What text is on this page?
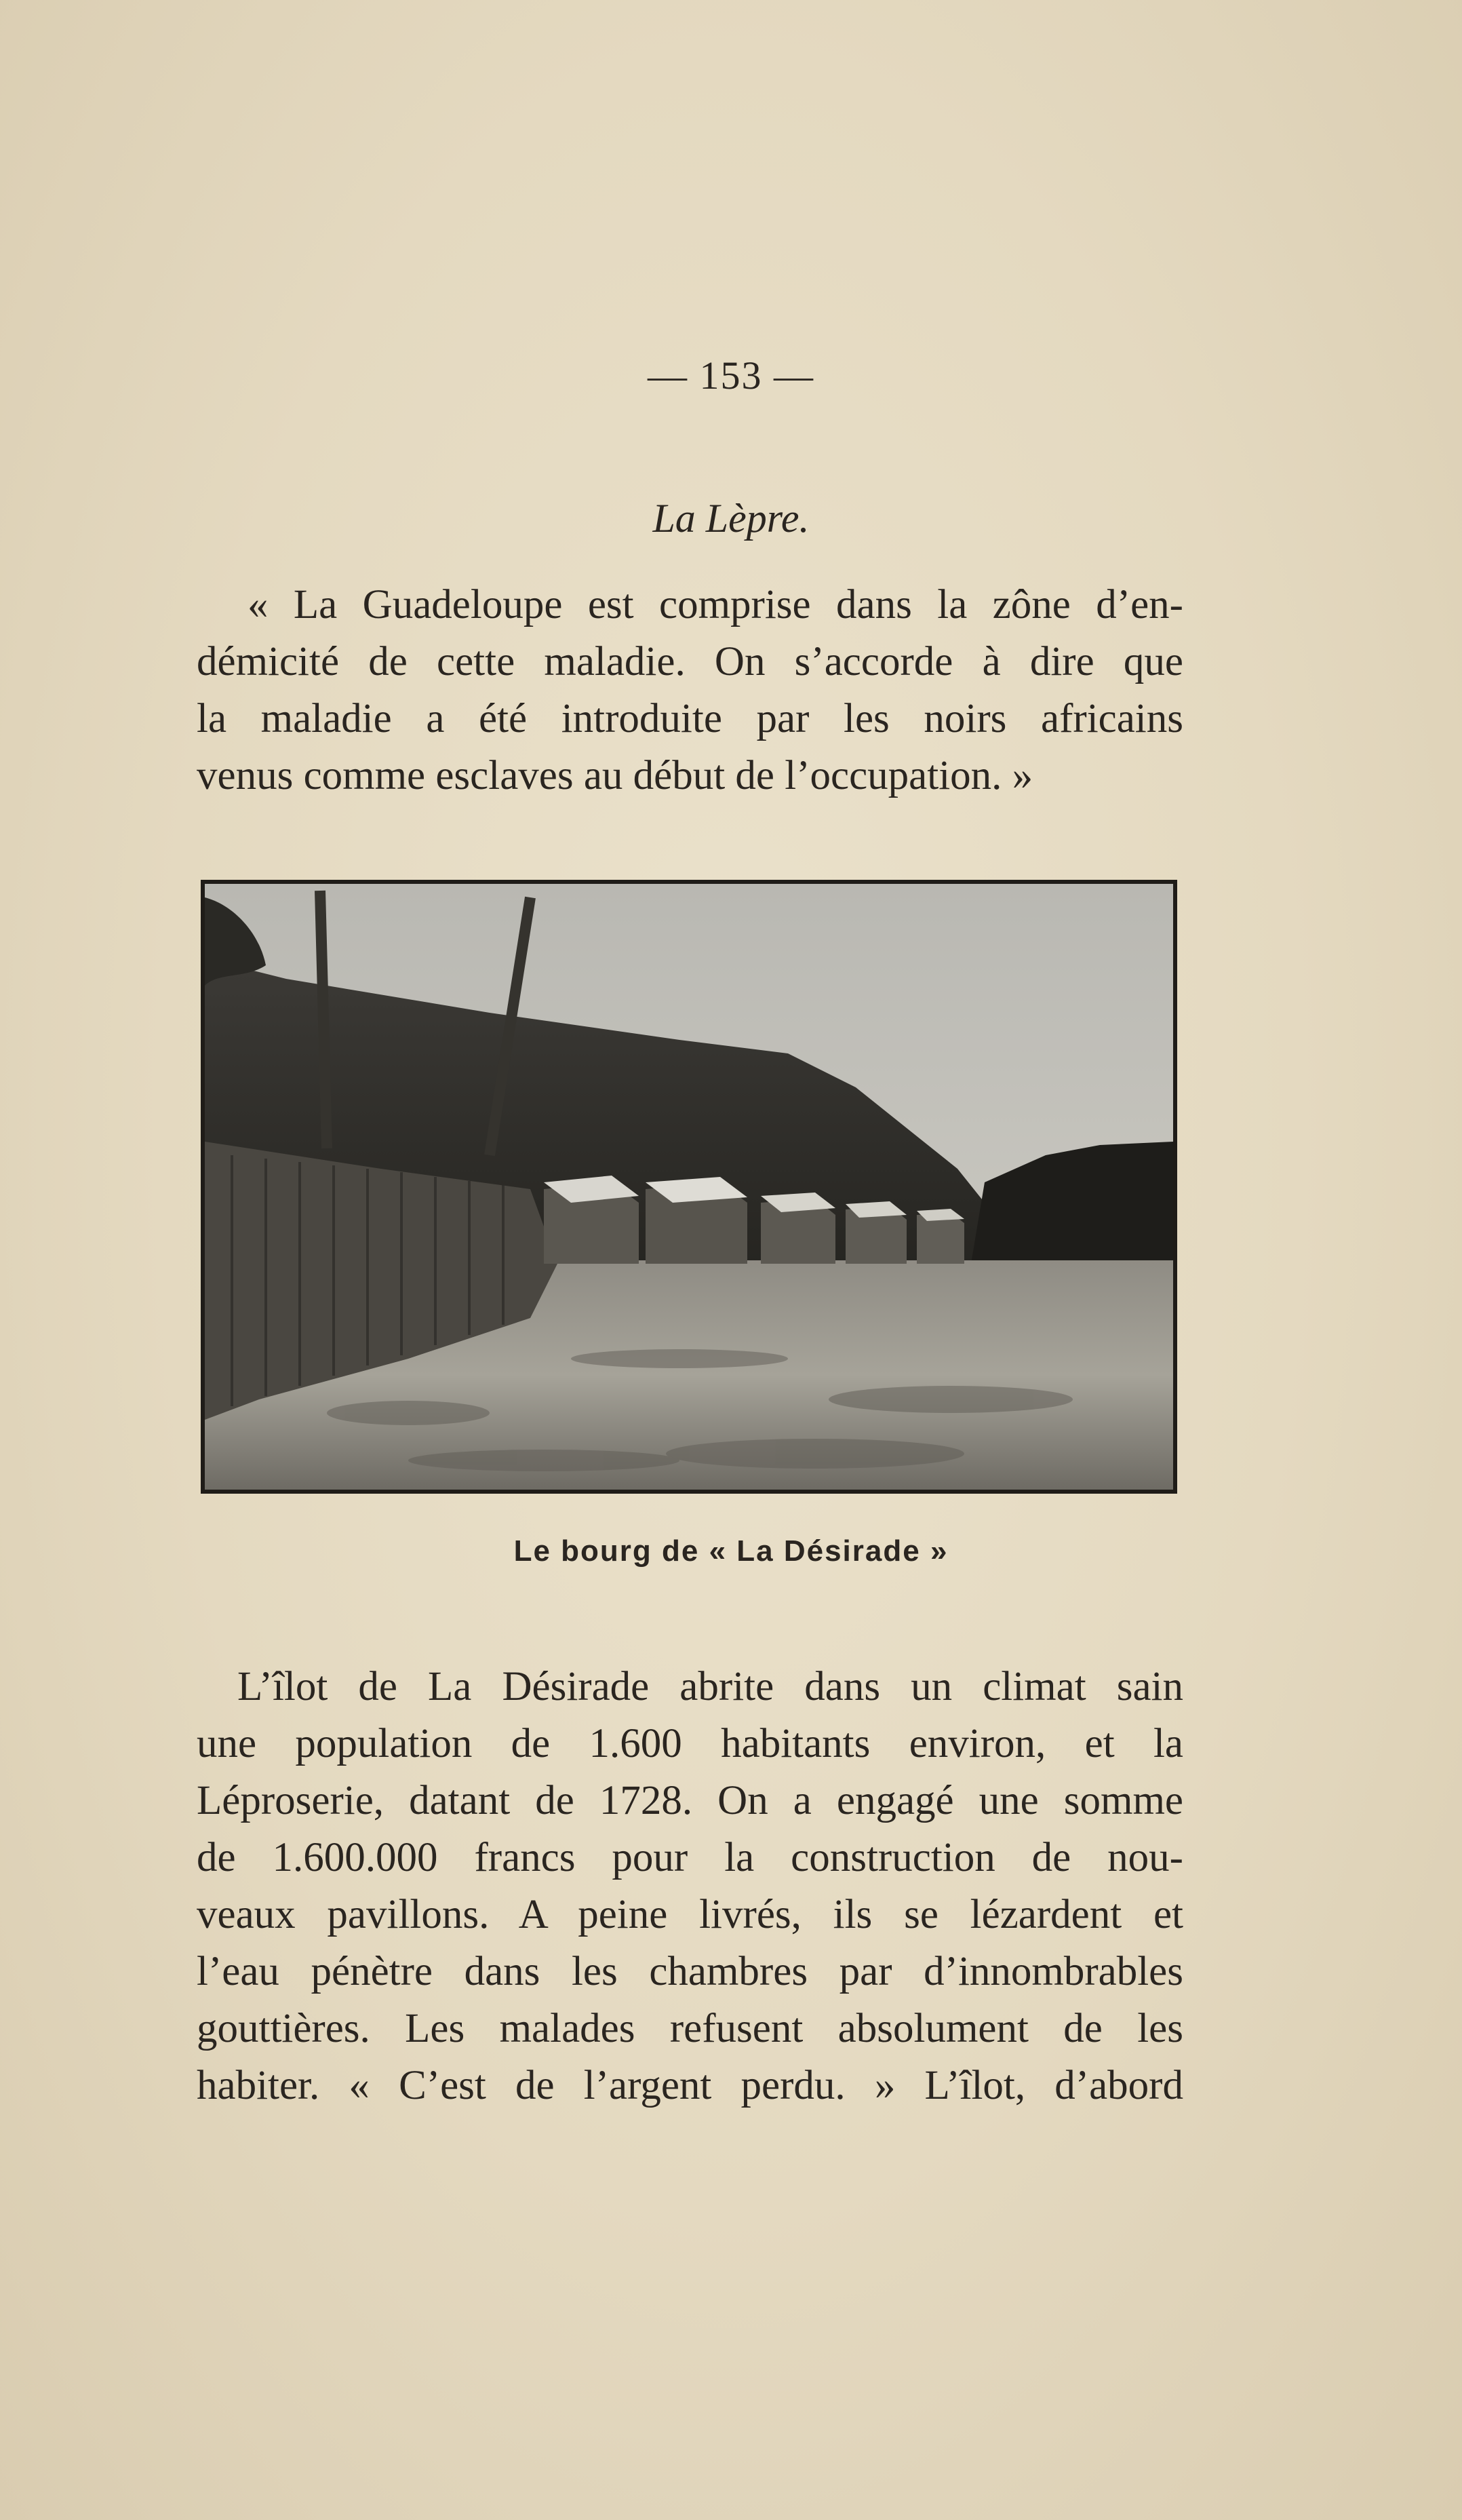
— 153 —
La Lèpre.
« La Guadeloupe est comprise dans la zône d’en-
démicité de cette maladie. On s’accorde à dire que
la maladie a été introduite par les noirs africains
venus comme esclaves au début de l’occupation. »
Le bourg de « La Désirade »
L’îlot de La Désirade abrite dans un climat sain
une population de 1.600 habitants environ, et la
Léproserie, datant de 1728. On a engagé une somme
de 1.600.000 francs pour la construction de nou-
veaux pavillons. A peine livrés, ils se lézardent et
l’eau pénètre dans les chambres par d’innombrables
gouttières. Les malades refusent absolument de les
habiter. « C’est de l’argent perdu. » L’îlot, d’abord
